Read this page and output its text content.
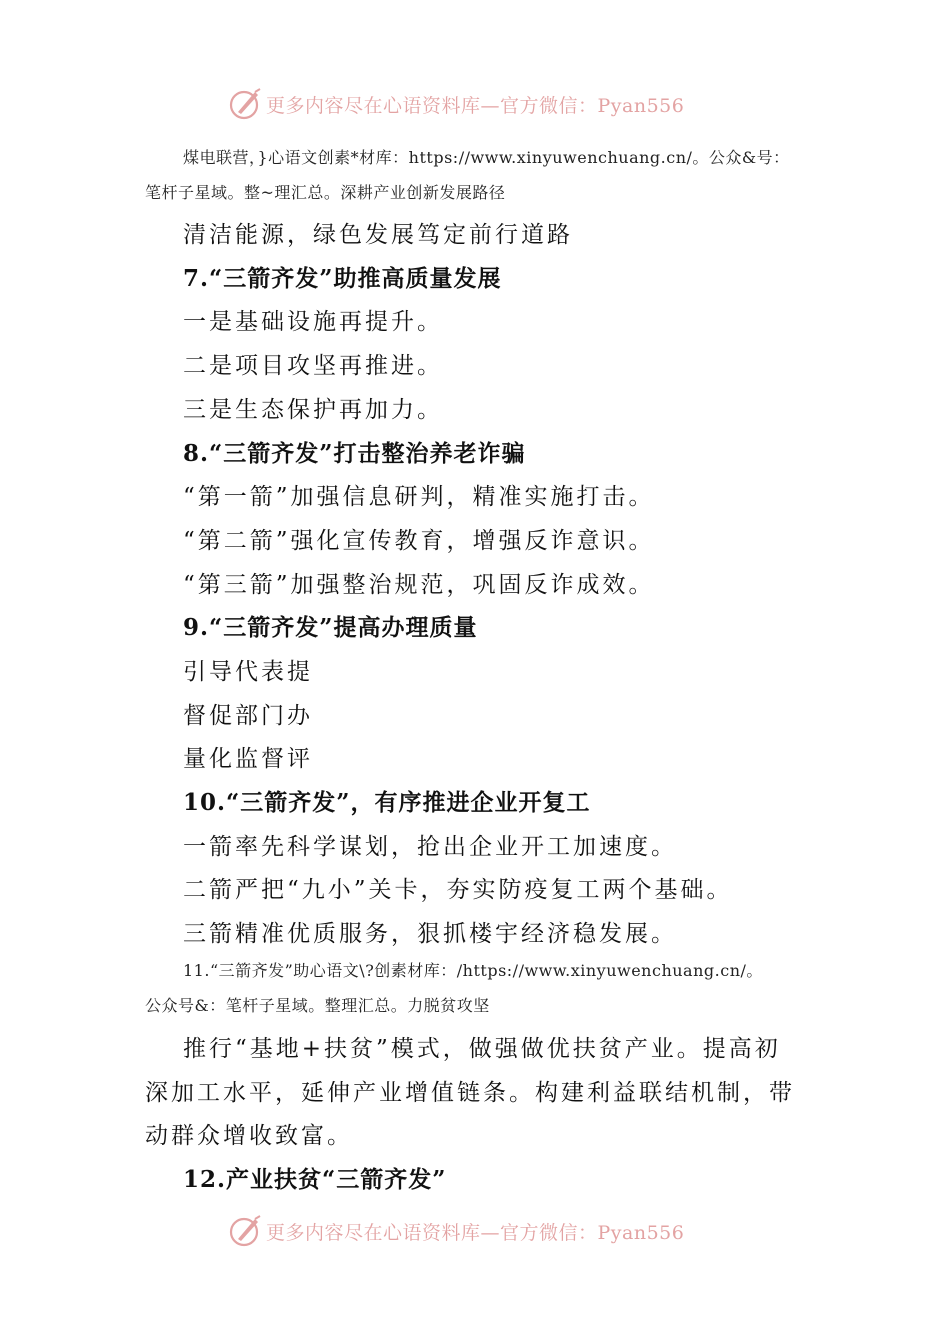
更多内容尽在心语资料库—官方微信：Pyan556
煤电联营，}心语文创素*材库：https://www.xinyuwenchuang.cn/。公众&号：
笔杆子星域。整~理汇总。深耕产业创新发展路径
清洁能源，绿色发展笃定前行道路
7.“三箭齐发”助推高质量发展
一是基础设施再提升。
二是项目攻坚再推进。
三是生态保护再加力。
8.“三箭齐发”打击整治养老诈骗
“第一箭”加强信息研判，精准实施打击。
“第二箭”强化宣传教育，增强反诈意识。
“第三箭”加强整治规范，巩固反诈成效。
9.“三箭齐发”提高办理质量
引导代表提
督促部门办
量化监督评
10.“三箭齐发”，有序推进企业开复工
一箭率先科学谋划，抢出企业开工加速度。
二箭严把“九小”关卡，夯实防疫复工两个基础。
三箭精准优质服务，狠抓楼宇经济稳发展。
11.“三箭齐发”助心语文\?创素材库：/https://www.xinyuwenchuang.cn/。
公众号&：笔杆子星域。整理汇总。力脱贫攻坚
推行“基地+扶贫”模式，做强做优扶贫产业。提高初
深加工水平，延伸产业增值链条。构建利益联结机制，带
动群众增收致富。
12.产业扶贫“三箭齐发”
更多内容尽在心语资料库—官方微信：Pyan556
